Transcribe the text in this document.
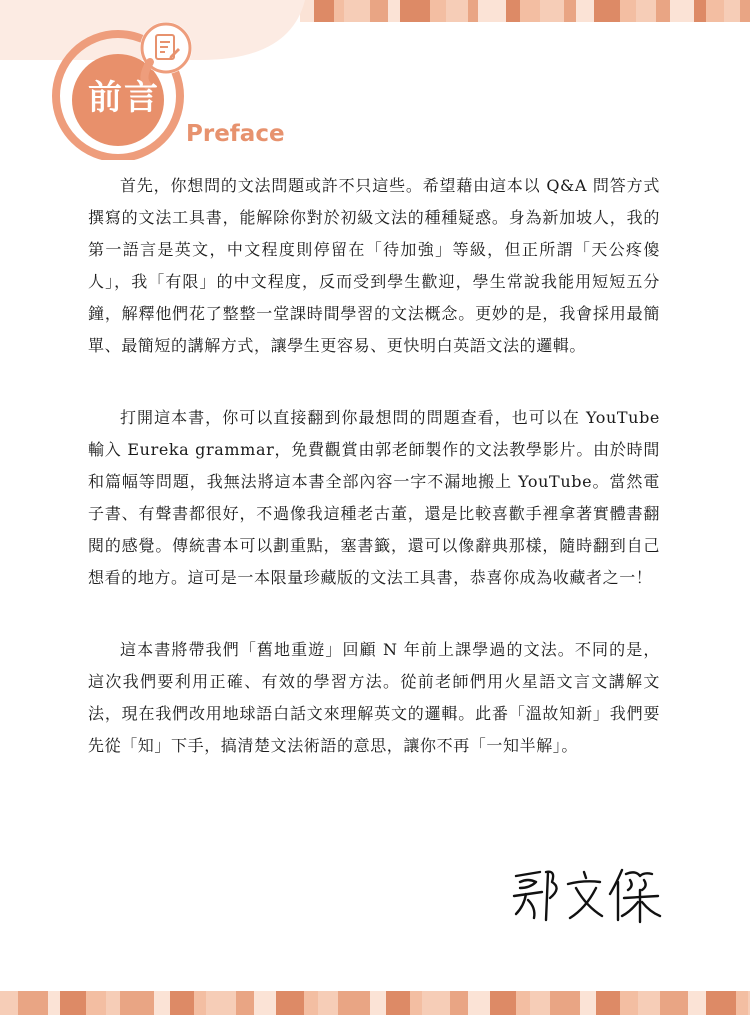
前言
Preface

首先，你想問的文法問題或許不只這些。希望藉由這本以 Q&A 問答方式撰寫的文法工具書，能解除你對於初級文法的種種疑惑。身為新加坡人，我的第一語言是英文，中文程度則停留在「待加強」等級，但正所謂「天公疼傻人」，我「有限」的中文程度，反而受到學生歡迎，學生常說我能用短短五分鐘，解釋他們花了整整一堂課時間學習的文法概念。更妙的是，我會採用最簡單、最簡短的講解方式，讓學生更容易、更快明白英語文法的邏輯。

打開這本書，你可以直接翻到你最想問的問題查看，也可以在 YouTube 輸入 Eureka grammar，免費觀賞由郭老師製作的文法教學影片。由於時間和篇幅等問題，我無法將這本書全部內容一字不漏地搬上 YouTube。當然電子書、有聲書都很好，不過像我這種老古董，還是比較喜歡手裡拿著實體書翻閱的感覺。傳統書本可以劃重點，塞書籤，還可以像辭典那樣，隨時翻到自己想看的地方。這可是一本限量珍藏版的文法工具書，恭喜你成為收藏者之一！

這本書將帶我們「舊地重遊」回顧 N 年前上課學過的文法。不同的是，這次我們要利用正確、有效的學習方法。從前老師們用火星語文言文講解文法，現在我們改用地球語白話文來理解英文的邏輯。此番「溫故知新」我們要先從「知」下手，搞清楚文法術語的意思，讓你不再「一知半解」。
